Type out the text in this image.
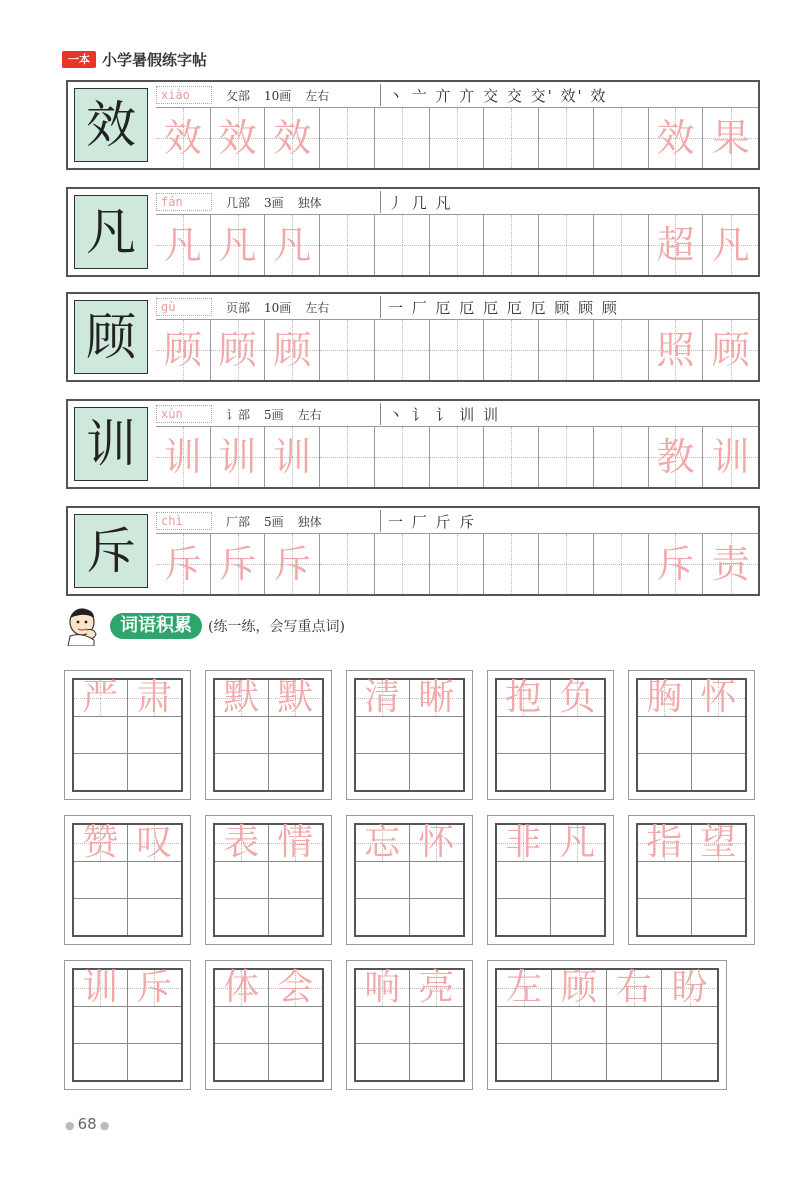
一本 小学暑假练字帖
效
xiào	攵部 10画 左右	丶 亠 亣 亣 交 交 交' 效' 效
效 效 效	效 果
凡
fán	几部 3画 独体	丿 几 凡
凡 凡 凡	超 凡
顾
gù	页部 10画 左右	一 厂 厄 厄 厄 厄 厄 顾 顾 顾
顾 顾 顾	照 顾
训
xùn	讠部 5画 左右	丶 讠 讠 训 训
训 训 训	教 训
斥
chì	厂部 5画 独体	一 厂 斤 斥
斥 斥 斥	斥 责
词语积累	(练一练，会写重点词)
严 肃 默 默 清 晰 抱 负 胸 怀
赞 叹 表 情 忘 怀 非 凡 指 望
训 斥 体 会 响 亮 左 顾 右 盼
● 68 ●
